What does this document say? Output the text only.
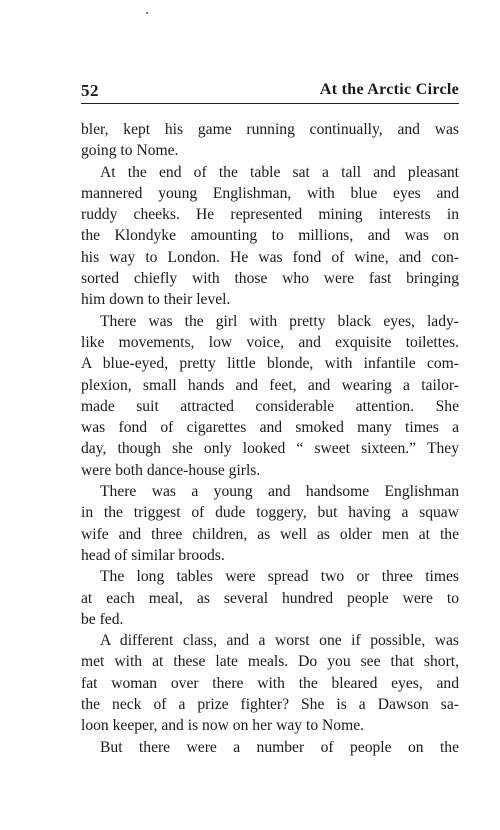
52	At the Arctic Circle
bler, kept his game running continually, and was
going to Nome.
At the end of the table sat a tall and pleasant
mannered young Englishman, with blue eyes and
ruddy cheeks. He represented mining interests in
the Klondyke amounting to millions, and was on
his way to London. He was fond of wine, and con-
sorted chiefly with those who were fast bringing
him down to their level.
There was the girl with pretty black eyes, lady-
like movements, low voice, and exquisite toilettes.
A blue-eyed, pretty little blonde, with infantile com-
plexion, small hands and feet, and wearing a tailor-
made suit attracted considerable attention. She
was fond of cigarettes and smoked many times a
day, though she only looked “ sweet sixteen.” They
were both dance-house girls.
There was a young and handsome Englishman
in the triggest of dude toggery, but having a squaw
wife and three children, as well as older men at the
head of similar broods.
The long tables were spread two or three times
at each meal, as several hundred people were to
be fed.
A different class, and a worst one if possible, was
met with at these late meals. Do you see that short,
fat woman over there with the bleared eyes, and
the neck of a prize fighter? She is a Dawson sa-
loon keeper, and is now on her way to Nome.
But there were a number of people on the
